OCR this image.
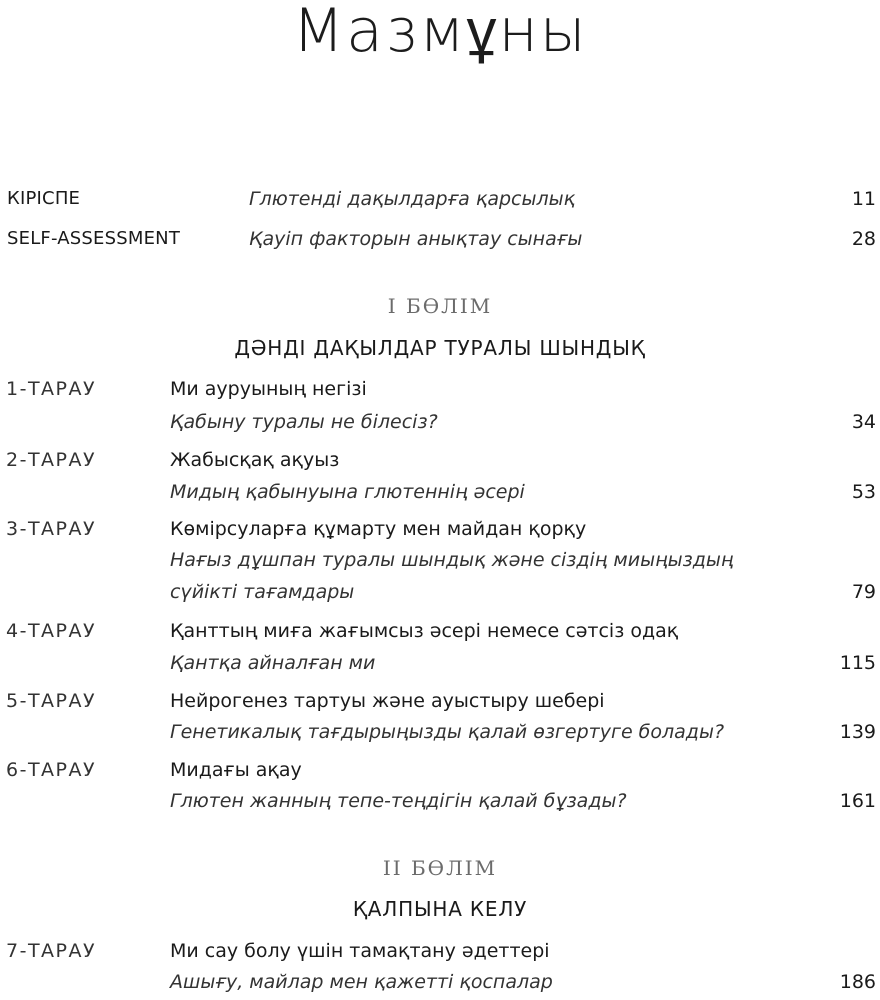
Мазмұны
КІРІСПЕ	Глютенді дақылдарға қарсылық	11
SELF-ASSESSMENT	Қауіп факторын анықтау сынағы	28
І БӨЛІМ
ДӘНДІ ДАҚЫЛДАР ТУРАЛЫ ШЫНДЫҚ
1-ТАРАУ	Ми ауруының негізі
Қабыну туралы не білесіз?	34
2-ТАРАУ	Жабысқақ ақуыз
Мидың қабынуына глютеннің әсері	53
3-ТАРАУ	Көмірсуларға құмарту мен майдан қорқу
Нағыз дұшпан туралы шындық және сіздің миыңыздың
сүйікті тағамдары	79
4-ТАРАУ	Қанттың миға жағымсыз әсері немесе сәтсіз одақ
Қантқа айналған ми	115
5-ТАРАУ	Нейрогенез тартуы және ауыстыру шебері
Генетикалық тағдырыңызды қалай өзгертуге болады?	139
6-ТАРАУ	Мидағы ақау
Глютен жанның тепе-теңдігін қалай бұзады?	161
ІІ БӨЛІМ
ҚАЛПЫНА КЕЛУ
7-ТАРАУ	Ми сау болу үшін тамақтану әдеттері
Ашығу, майлар мен қажетті қоспалар	186
